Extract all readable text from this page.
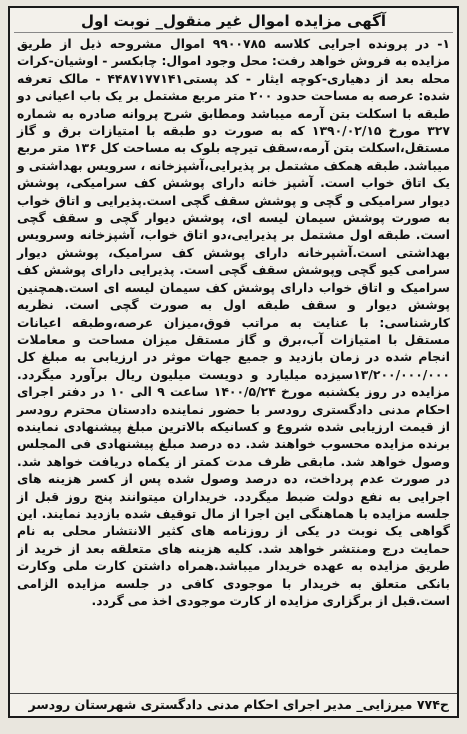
آگهی مزایده اموال غیر منقول_ نوبت اول

۱- در پرونده اجرایی کلاسه ۹۹۰۰۷۸۵ اموال مشروحه ذیل از طریق مزایده به فروش خواهد رفت: محل وجود اموال: چابکسر - اوشیان-کرات محله بعد از دهیاری-کوچه ایثار - کد پستی۴۴۸۷۱۷۷۱۴۱ - مالک تعرفه شده: عرصه به مساحت حدود ۲۰۰ متر مربع مشتمل بر یک باب اعیانی دو طبقه با اسکلت بتن آرمه میباشد ومطابق شرح پروانه صادره به شماره ۳۲۷ مورخ ۱۳۹۰/۰۲/۱۵ که به صورت دو طبقه با امتیازات برق و گاز مستقل،اسکلت بتن آرمه،سقف تیرچه بلوک به مساحت کل ۱۳۶ متر مربع میباشد. طبقه همکف مشتمل بر پذیرایی،آشپزخانه ، سرویس بهداشتی و یک اتاق خواب است. آشپز خانه دارای پوشش کف سرامیکی، پوشش دیوار سرامیکی و گچی و پوشش سقف گچی است.پذیرایی و اتاق خواب به صورت پوشش سیمان لیسه ای، پوشش دیوار گچی و سقف گچی است. طبقه اول مشتمل بر پذیرایی،دو اتاق خواب، آشپزخانه وسرویس بهداشتی است.آشپرخانه دارای پوشش کف سرامیک، پوشش دیوار سرامی کیو گچی وپوشش سقف گچی است. پذیرایی دارای پوشش کف سرامیک و اتاق خواب دارای پوشش کف سیمان لیسه ای است.همچنین پوشش دیوار و سقف طبقه اول به صورت گچی است. نظریه کارشناسی: با عنایت به مراتب فوق،میزان عرصه،وطبقه اعیانات مستقل با امتیازات آب،برق و گاز مستقل میزان مساحت و معاملات انجام شده در زمان بازدید و جمیع جهات موثر در ارزیابی به مبلغ کل ۱۳/۲۰۰/۰۰۰/۰۰۰سیزده میلیارد و دویست میلیون ریال برآورد میگردد. مزایده در روز یکشنبه مورخ ۱۴۰۰/۵/۲۴ ساعت ۹ الی ۱۰ در دفتر اجرای احکام مدنی دادگستری رودسر با حضور نماینده دادستان محترم رودسر از قیمت ارزیابی شده شروع و کسانیکه بالاترین مبلغ پیشنهادی نماینده برنده مزایده محسوب خواهند شد. ده درصد مبلغ پیشنهادی فی المجلس وصول خواهد شد. مابقی ظرف مدت کمتر از یکماه دریافت خواهد شد. در صورت عدم پرداخت، ده درصد وصول شده پس از کسر هزینه های اجرایی به نفع دولت ضبط میگردد. خریداران میتوانند پنج روز قبل از جلسه مزایده با هماهنگی این اجرا از مال توقیف شده بازدید نمایند. این گواهی یک نوبت در یکی از روزنامه های کثیر الانتشار محلی به نام حمایت درج ومنتشر خواهد شد. کلیه هزینه های متعلقه بعد از خرید از طریق مزایده به عهده خریدار میباشد.همراه داشتن کارت ملی وکارت بانکی متعلق به خریدار با موجودی کافی در جلسه مزایده الزامی است.قبل از برگزاری مزایده از کارت موجودی اخذ می گردد.

ح۷۷۴ میرزایی_ مدیر اجرای احکام مدنی دادگستری شهرستان رودسر
